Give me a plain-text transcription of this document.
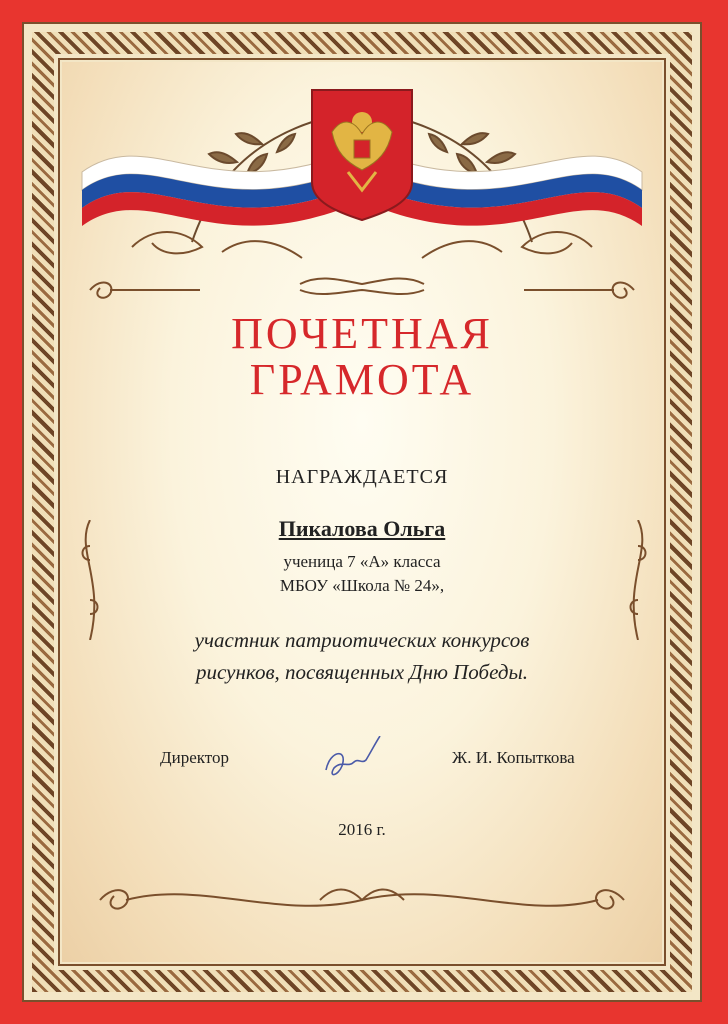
ПОЧЕТНАЯ
ГРАМОТА
НАГРАЖДАЕТСЯ
Пикалова Ольга
ученица 7 «А» класса
МБОУ «Школа № 24»,
участник патриотических конкурсов
рисунков, посвященных Дню Победы.
Директор	Ж. И. Копыткова
2016 г.
